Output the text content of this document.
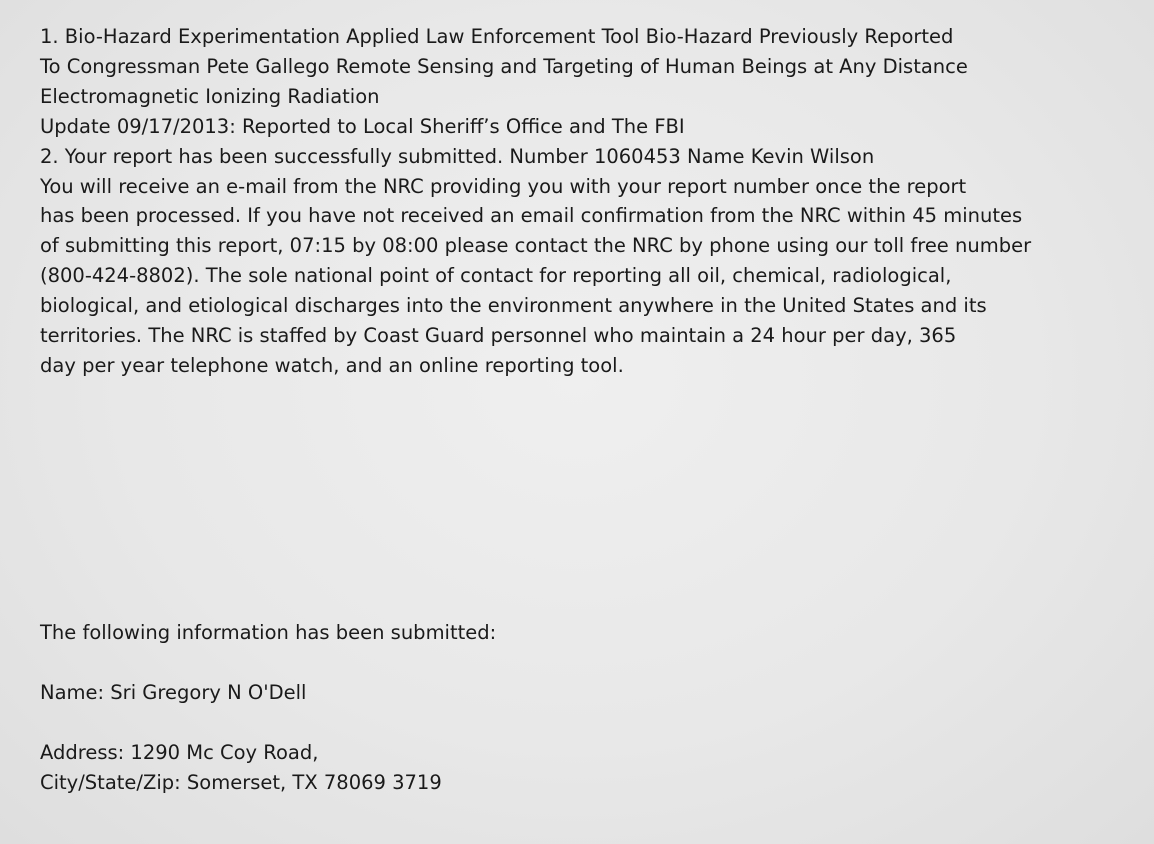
1. Bio-Hazard Experimentation Applied Law Enforcement Tool Bio-Hazard Previously Reported
To Congressman Pete Gallego Remote Sensing and Targeting of Human Beings at Any Distance
Electromagnetic Ionizing Radiation
Update 09/17/2013: Reported to Local Sheriff’s Office and The FBI
2. Your report has been successfully submitted. Number 1060453 Name Kevin Wilson
You will receive an e-mail from the NRC providing you with your report number once the report
has been processed. If you have not received an email confirmation from the NRC within 45 minutes
of submitting this report, 07:15 by 08:00 please contact the NRC by phone using our toll free number
(800-424-8802). The sole national point of contact for reporting all oil, chemical, radiological,
biological, and etiological discharges into the environment anywhere in the United States and its
territories. The NRC is staffed by Coast Guard personnel who maintain a 24 hour per day, 365
day per year telephone watch, and an online reporting tool.
The following information has been submitted:
Name: Sri Gregory N O'Dell
Address: 1290 Mc Coy Road,
City/State/Zip: Somerset, TX 78069 3719
